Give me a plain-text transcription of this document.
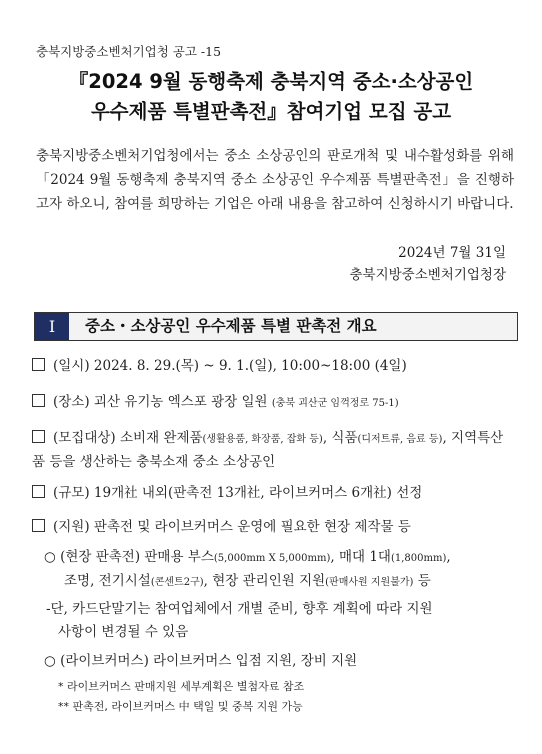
충북지방중소벤처기업청 공고 -15
『2024 9월 동행축제 충북지역 중소·소상공인
우수제품 특별판촉전』참여기업 모집 공고
충북지방중소벤처기업청에서는 중소 소상공인의 판로개척 및 내수활성화를 위해 「2024 9월 동행축제 충북지역 중소 소상공인 우수제품 특별판촉전」을 진행하고자 하오니, 참여를 희망하는 기업은 아래 내용을 참고하여 신청하시기 바랍니다.
2024년 7월 31일
충북지방중소벤처기업청장
I	중소・소상공인 우수제품 특별 판촉전 개요
(일시) 2024. 8. 29.(목) ~ 9. 1.(일), 10:00~18:00 (4일)
(장소) 괴산 유기농 엑스포 광장 일원 (충북 괴산군 임꺽정로 75-1)
(모집대상) 소비재 완제품(생활용품, 화장품, 잡화 등), 식품(디저트류, 음료 등), 지역특산품 등을 생산하는 충북소재 중소 소상공인
(규모) 19개社 내외(판촉전 13개社, 라이브커머스 6개社) 선정
(지원) 판촉전 및 라이브커머스 운영에 필요한 현장 제작물 등
○ (현장 판촉전) 판매용 부스(5,000mm X 5,000mm), 매대 1대(1,800mm),
조명, 전기시설(콘센트2구), 현장 관리인원 지원(판매사원 지원불가) 등
-단, 카드단말기는 참여업체에서 개별 준비, 향후 계획에 따라 지원
사항이 변경될 수 있음
○ (라이브커머스) 라이브커머스 입점 지원, 장비 지원
* 라이브커머스 판매지원 세부계획은 별첨자료 참조
** 판촉전, 라이브커머스 中 택일 및 중복 지원 가능
